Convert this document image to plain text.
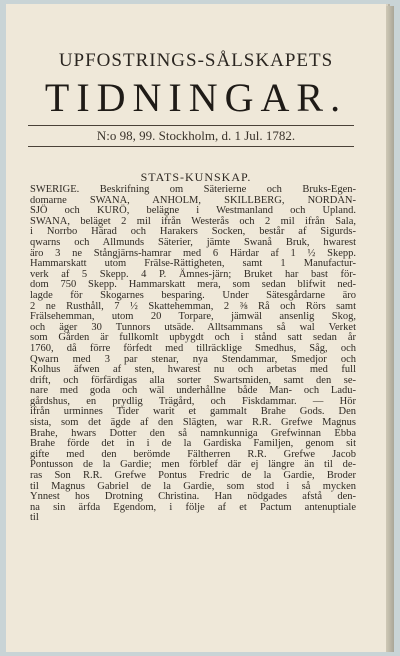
UPFOSTRINGS-SÅLSKAPETS
TIDNINGAR.
N:o 98, 99. Stockholm, d. 1 Jul. 1782.
STATS-KUNSKAP.
SWERIGE. Beskrifning om Säterierne och Bruks-Egen-
domarne SWANA, ANHOLM, SKILLBERG, NORDAN-
SJÖ och KURÖ, belägne i Westmanland och Upland.
SWANA, beläget 2 mil ifrån Westerås och 2 mil ifrån Sala,
i Norrbo Härad och Harakers Socken, består af Sigurds-
qwarns och Allmunds Säterier, jämte Swanå Bruk, hwarest
äro 3 ne Stångjärns-hamrar med 6 Härdar af 1 ½ Skepp.
Hammarskatt utom Frälse-Rättigheten, samt 1 Manufactur-
verk af 5 Skepp. 4 P. Ämnes-järn; Bruket har bast för-
dom 750 Skepp. Hammarskatt mera, som sedan blifwit ned-
lagde för Skogarnes besparing. Under Sätesgårdarne äro
2 ne Rusthåll, 7 ½ Skattehemman, 2 ⅜ Rå och Rörs samt
Frälsehemman, utom 20 Torpare, jämwäl ansenlig Skog,
och äger 30 Tunnors utsäde. Alltsammans så wal Verket
som Gården är fullkomlt upbygdt och i stånd satt sedan år
1760, då förre förfedt med tillräcklige Smedhus, Såg, och
Qwarn med 3 par stenar, nya Stendammar, Smedjor och
Kolhus äfwen af sten, hwarest nu och arbetas med full
drift, och förfärdigas alla sorter Swartsmiden, samt den se-
nare med goda och wäl underhållne både Man- och Ladu-
gårdshus, en prydlig Trägård, och Fiskdammar. — Hör
ifrån urminnes Tider warit et gammalt Brahe Gods. Den
sista, som det ägde af den Slägten, war R.R. Grefwe Magnus
Brahe, hwars Dotter den så namnkunniga Grefwinnan Ebba
Brahe förde det in i de la Gardiska Familjen, genom sit
gifte med den berömde Fältherren R.R. Grefwe Jacob
Pontusson de la Gardie; men förblef där ej längre än til de-
ras Son R.R. Grefwe Pontus Fredric de la Gardie, Broder
til Magnus Gabriel de la Gardie, som stod i så mycken
Ynnest hos Drotning Christina. Han nödgades afstå den-
na sin ärfda Egendom, i följe af et Pactum antenuptiale
til
